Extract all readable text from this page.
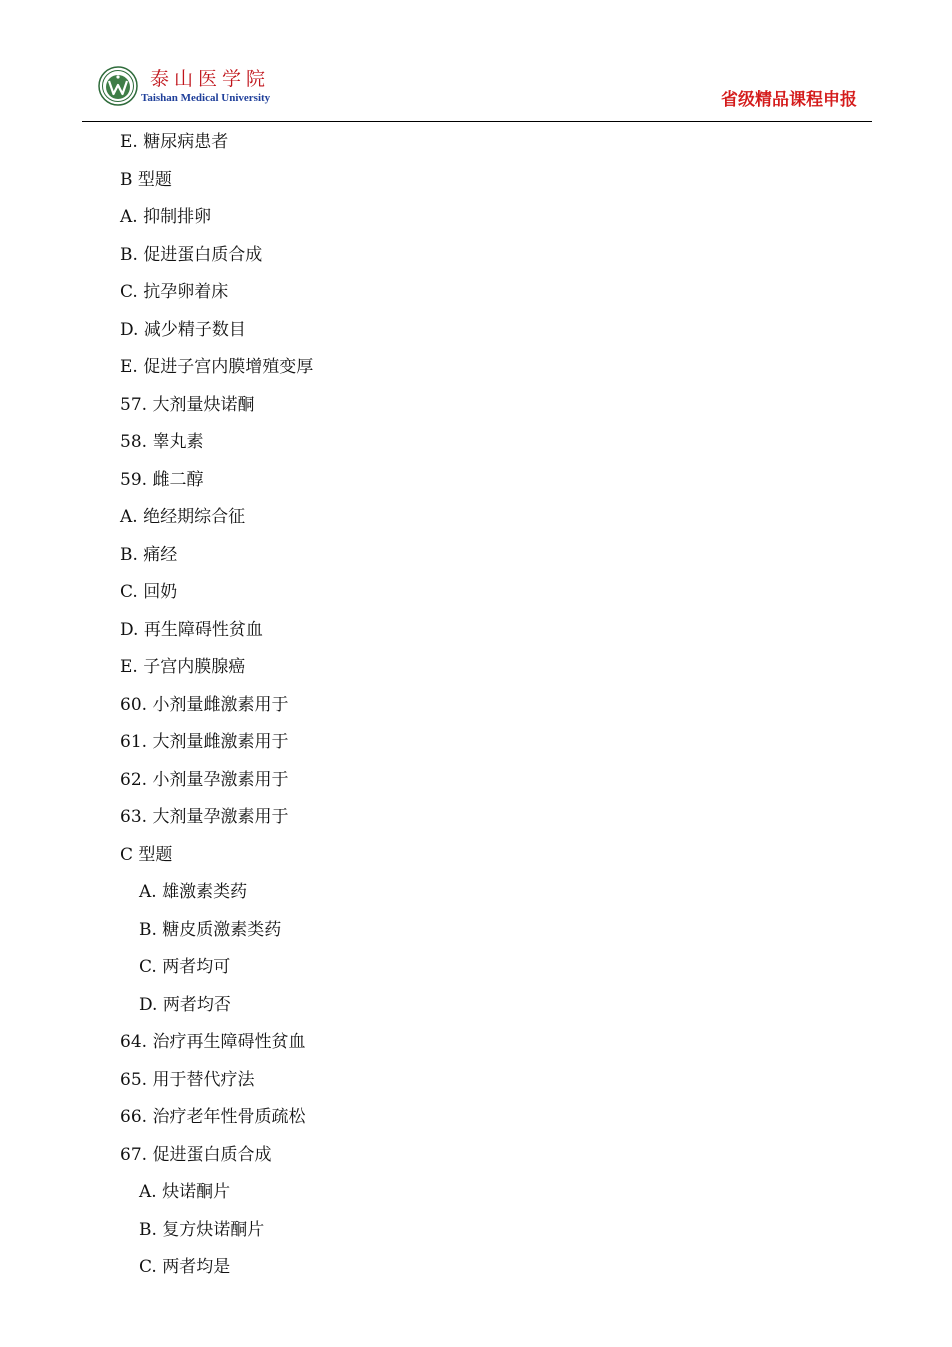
泰山医学院
Taishan Medical University	省级精品课程申报
E. 糖尿病患者
B 型题
A. 抑制排卵
B. 促进蛋白质合成
C. 抗孕卵着床
D. 减少精子数目
E. 促进子宫内膜增殖变厚
57. 大剂量炔诺酮
58. 睾丸素
59. 雌二醇
A. 绝经期综合征
B. 痛经
C. 回奶
D. 再生障碍性贫血
E. 子宫内膜腺癌
60. 小剂量雌激素用于
61. 大剂量雌激素用于
62. 小剂量孕激素用于
63. 大剂量孕激素用于
C 型题
A. 雄激素类药
B. 糖皮质激素类药
C. 两者均可
D. 两者均否
64. 治疗再生障碍性贫血
65. 用于替代疗法
66. 治疗老年性骨质疏松
67. 促进蛋白质合成
A. 炔诺酮片
B. 复方炔诺酮片
C. 两者均是
